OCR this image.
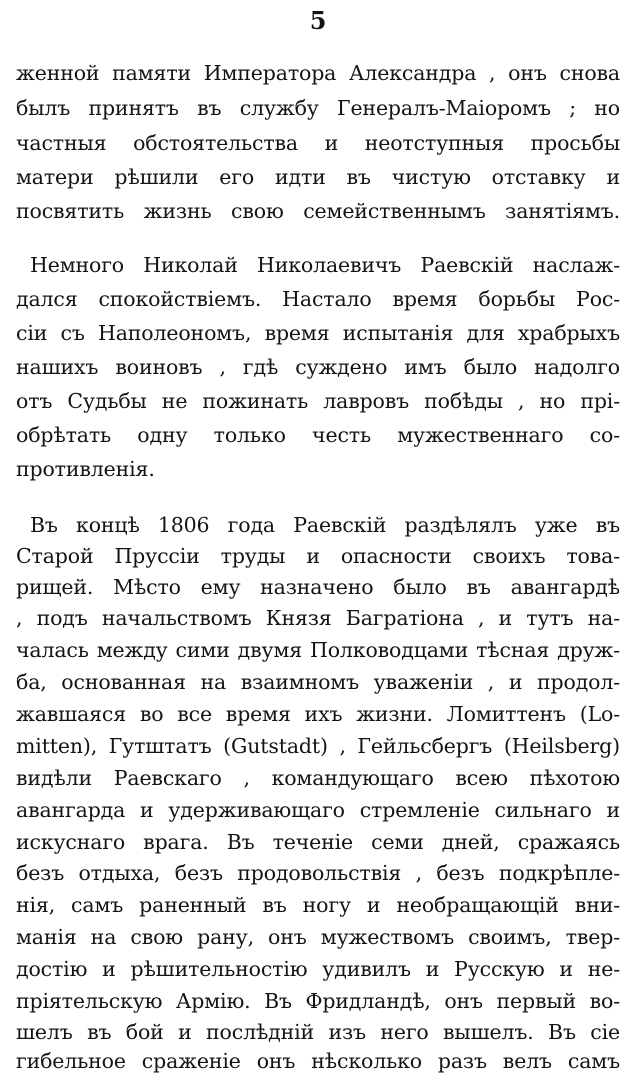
5
женной памяти Императора Александра , онъ снова
былъ принятъ въ службу Генералъ-Маіоромъ ; но
частныя обстоятельства и неотступныя просьбы
матери рѣшили его идти въ чистую отставку и
посвятить жизнь свою семейственнымъ занятіямъ.
Немного Николай Николаевичъ Раевскій наслаж-
дался спокойствіемъ. Настало время борьбы Рос-
сіи съ Наполеономъ, время испытанія для храбрыхъ
нашихъ воиновъ , гдѣ суждено имъ было надолго
отъ Судьбы не пожинать лавровъ побѣды , но прі-
обрѣтать одну только честь мужественнаго со-
противленія.
Въ концѣ 1806 года Раевскій раздѣлялъ уже въ
Старой Пруссіи труды и опасности своихъ това-
рищей. Мѣсто ему назначено было въ авангардѣ
, подъ начальствомъ Князя Багратіона , и тутъ на-
чалась между сими двумя Полководцами тѣсная друж-
ба, основанная на взаимномъ уваженіи , и продол-
жавшаяся во все время ихъ жизни. Ломиттенъ (Lo-
mitten), Гутштатъ (Gutstadt) , Гейльсбергъ (Heilsberg)
видѣли Раевскаго , командующаго всею пѣхотою
авангарда и удерживающаго стремленіе сильнаго и
искуснаго врага. Въ теченіе семи дней, сражаясь
безъ отдыха, безъ продовольствія , безъ подкрѣпле-
нія, самъ раненный въ ногу и необращающій вни-
манія на свою рану, онъ мужествомъ своимъ, твер-
достію и рѣшительностію удивилъ и Русскую и не-
пріятельскую Армію. Въ Фридландѣ, онъ первый во-
шелъ въ бой и послѣдній изъ него вышелъ. Въ сіе
гибельное сраженіе онъ нѣсколько разъ велъ самъ
